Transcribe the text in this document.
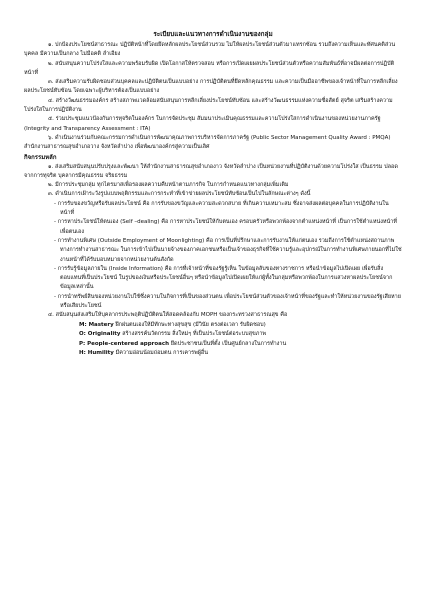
ระเบียบและแนวทางการดำเนินงานของกลุ่ม

๑. ปกป้องประโยชน์สาธารณะ ปฏิบัติหน้าที่โดยยึดหลักผลประโยชน์ส่วนรวม ไม่ให้ผลประโยชน์ส่วนตัวมาแทรกซ้อน รวมถึงความเห็นและทัศนคติส่วนบุคคล มีความเป็นกลาง ไม่มีอคติ ลำเอียง

๒. สนับสนุนความโปร่งใสและความพร้อมรับผิด เปิดโอกาสให้ตรวจสอบ หรือการเปิดเผยผลประโยชน์ส่วนตัวหรือความสัมพันธ์ที่อาจมีผลต่อการปฏิบัติหน้าที่

๓. ส่งเสริมความรับผิดชอบส่วนบุคคลและปฏิบัติตนเป็นแบบอย่าง การปฏิบัติตนที่ยึดหลักคุณธรรม และความเป็นมืออาชีพของเจ้าหน้าที่ในการหลีกเลี่ยงผลประโยชน์ทับซ้อน โดยเฉพาะผู้บริหารต้องเป็นแบบอย่าง

๔. สร้างวัฒนธรรมองค์กร สร้างสภาพแวดล้อมสนับสนุนการหลีกเลี่ยงประโยชน์ทับซ้อน และสร้างวัฒนธรรมแห่งความซื่อสัตย์ สุจริต เสริมสร้างความโปร่งใสในการปฏิบัติงาน

๕. ร่วมประชุมแนวป้องกันการทุจริตในองค์กร ในการจัดประชุม สัมมนาประเมินคุณธรรมและความโปร่งใสการดำเนินงานของหน่วยงานภาครัฐ (Integrity and Transparency Assessment : ITA)

๖. ดำเนินงานร่วมกับคณะกรรมการดำเนินการพัฒนาคุณภาพการบริหารจัดการภาครัฐ (Public Sector Management Quality Award : PMQA) สำนักงานสาธารณสุขอำเภอวาง จังหวัดลำปาง เพื่อพัฒนาองค์กรสู่ความเป็นเลิศ

กิจกรรมหลัก

๑. ส่งเสริมสนับสนุนปรับปรุงและพัฒนา ให้สำนักงานสาธารณสุขอำเภองาว จังหวัดลำปาง เป็นหน่วยงานที่ปฏิบัติงานด้วยความโปร่งใส เป็นธรรม ปลอดจากการทุจริต บุคลากรมีคุณธรรม จริยธรรม

๒. มีการประชุมกลุ่ม ทุกไตรมาสเพื่อรองผลความคืบหน้าตามภารกิจ ในการกำหนดแนวทางกลุ่มเพิ่มเติม

๓. ดำเนินการเฝ้าระวังรูปแบบพฤติกรรมและการกระทำที่เข้าข่ายผลประโยชน์ทับซ้อนเป็นไปในลักษณะต่างๆ ดังนี้

- การรับของขวัญหรือรับผลประโยชน์ คือ การรับของขวัญและความสะดวกสบาย ที่เกินความเหมาะสม ซึ่งอาจส่งผลต่อบุคคลในการปฏิบัติงานในหน้าที่

- การหาประโยชน์ให้ตนเอง (Self –dealing) คือ การหาประโยชน์ให้กับตนเอง ครอบครัวหรือพวกพ้องจากตำแหน่งหน้าที่ เป็นการใช้ตำแหน่งหน้าที่เพื่อตนเอง

- การทำงานพิเศษ (Outside Employment of Moonlighting) คือ การเป็นที่ปรึกษาและการรับงานให้แก่ตนเอง รวมถึงการใช้ตำแหน่งสถานภาพทางการทำงานสาธารณะ ในการเข้าไปเป็นนายจ้างของภาคเอกชนหรือเป็นเจ้าของธุรกิจที่ใช้ความรู้และอุปกรณ์ในการทำงานพิเศษภายนอกที่ไม่ใช่งานหน้าที่ได้รับมอบหมายจากหน่วยงานต้นสังกัด

- การรับรู้ข้อมูลภายใน (Inside Information) คือ การที่เจ้าหน้าที่ของรัฐรู้เห็น ในข้อมูลลับของทางราชการ หรือนำข้อมูลไปเปิดเผย เพื่อรับสิ่งตอบแทนที่เป็นประโยชน์ ในรูปของเงินหรือประโยชน์อื่นๆ หรือนำข้อมูลไปเปิดเผยให้แก่ผู้ทั้งในกลุ่มหรือพวกพ้องในการแสวงหาผลประโยชน์จากข้อมูลเหล่านั้น

- การนำทรัพย์สินของหน่วยงานไปใช้ซึ่งความในกิจการที่เป็นของส่วนตน เพื่อประโยชน์ส่วนตัวของเจ้าหน้าที่ของรัฐและทำให้หน่วยงานของรัฐเสียหายหรือเสียประโยชน์

๔. สนับสนุนส่งเสริมให้บุคลากรประพฤติปฏิบัติตนให้สอดคล้องกับ MOPH ของกระทรวงสาธารณสุข คือ

M: Mastery ฝึกฝนตนเองให้มีทักษะทางสุขสุข (มีวินัย ตรงต่อเวลา รับผิดชอบ)

O: Originality สร้างสรรค์นวัตกรรม สิ่งใหม่ๆ ที่เป็นประโยชน์ต่อระบบสุขภาพ

P: People-centered approach ยึดประชาชนเป็นที่ตั้ง เป็นศูนย์กลางในการทำงาน

H: Humility มีความอ่อนน้อมถ่อมตน การเคารพผู้อื่น
